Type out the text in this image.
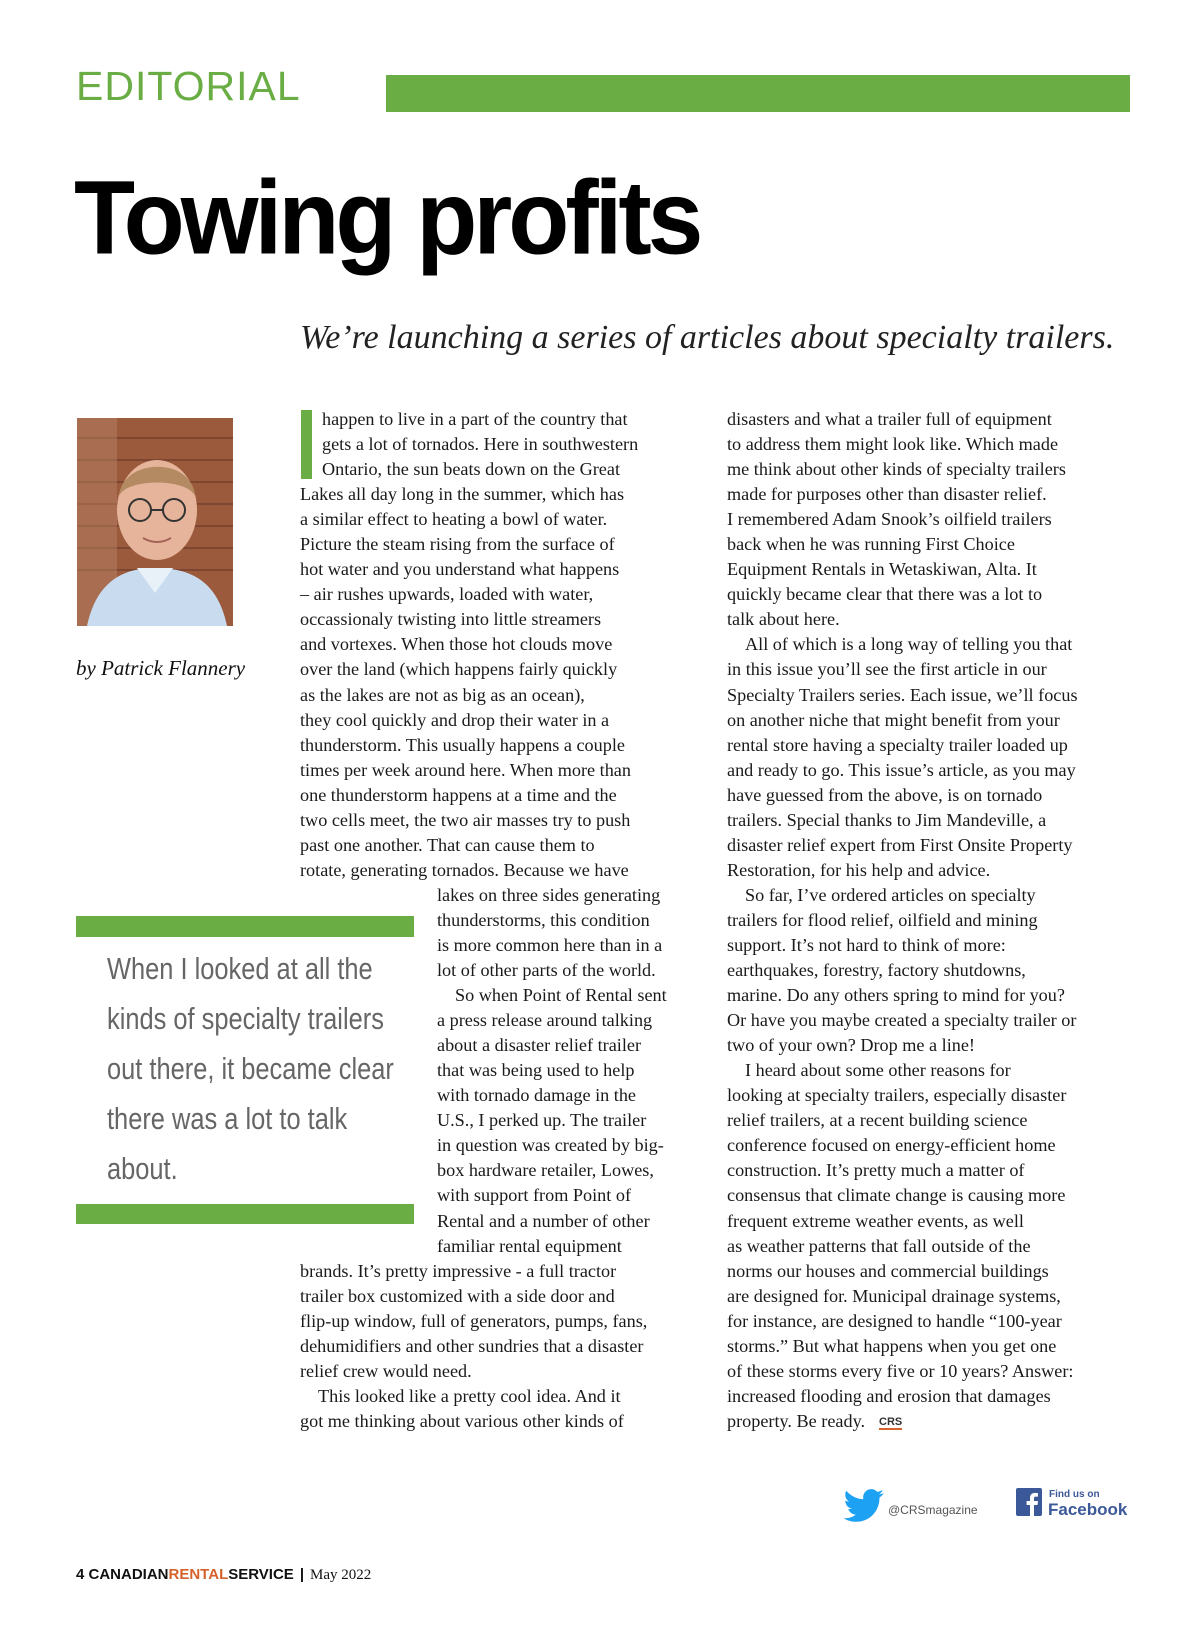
EDITORIAL
Towing profits
We’re launching a series of articles about specialty trailers.
by Patrick Flannery
happen to live in a part of the country that
gets a lot of tornados. Here in southwestern
Ontario, the sun beats down on the Great
Lakes all day long in the summer, which has
a similar effect to heating a bowl of water.
Picture the steam rising from the surface of
hot water and you understand what happens
– air rushes upwards, loaded with water,
occassionaly twisting into little streamers
and vortexes. When those hot clouds move
over the land (which happens fairly quickly
as the lakes are not as big as an ocean),
they cool quickly and drop their water in a
thunderstorm. This usually happens a couple
times per week around here. When more than
one thunderstorm happens at a time and the
two cells meet, the two air masses try to push
past one another. That can cause them to
rotate, generating tornados. Because we have
lakes on three sides generating
thunderstorms, this condition
is more common here than in a
lot of other parts of the world.
So when Point of Rental sent
a press release around talking
about a disaster relief trailer
that was being used to help
with tornado damage in the
U.S., I perked up. The trailer
in question was created by big-
box hardware retailer, Lowes,
with support from Point of
Rental and a number of other
familiar rental equipment
brands. It’s pretty impressive - a full tractor
trailer box customized with a side door and
flip-up window, full of generators, pumps, fans,
dehumidifiers and other sundries that a disaster
relief crew would need.
This looked like a pretty cool idea. And it
got me thinking about various other kinds of
disasters and what a trailer full of equipment
to address them might look like. Which made
me think about other kinds of specialty trailers
made for purposes other than disaster relief.
I remembered Adam Snook’s oilfield trailers
back when he was running First Choice
Equipment Rentals in Wetaskiwan, Alta. It
quickly became clear that there was a lot to
talk about here.
All of which is a long way of telling you that
in this issue you’ll see the first article in our
Specialty Trailers series. Each issue, we’ll focus
on another niche that might benefit from your
rental store having a specialty trailer loaded up
and ready to go. This issue’s article, as you may
have guessed from the above, is on tornado
trailers. Special thanks to Jim Mandeville, a
disaster relief expert from First Onsite Property
Restoration, for his help and advice.
So far, I’ve ordered articles on specialty
trailers for flood relief, oilfield and mining
support. It’s not hard to think of more:
earthquakes, forestry, factory shutdowns,
marine. Do any others spring to mind for you?
Or have you maybe created a specialty trailer or
two of your own? Drop me a line!
I heard about some other reasons for
looking at specialty trailers, especially disaster
relief trailers, at a recent building science
conference focused on energy-efficient home
construction. It’s pretty much a matter of
consensus that climate change is causing more
frequent extreme weather events, as well
as weather patterns that fall outside of the
norms our houses and commercial buildings
are designed for. Municipal drainage systems,
for instance, are designed to handle “100-year
storms.” But what happens when you get one
of these storms every five or 10 years? Answer:
increased flooding and erosion that damages
property. Be ready. CRS
When I looked at all the
kinds of specialty trailers
out there, it became clear
there was a lot to talk
about.
@CRSmagazine
Find us on
Facebook
4 CANADIANRENTALSERVICE | May 2022
